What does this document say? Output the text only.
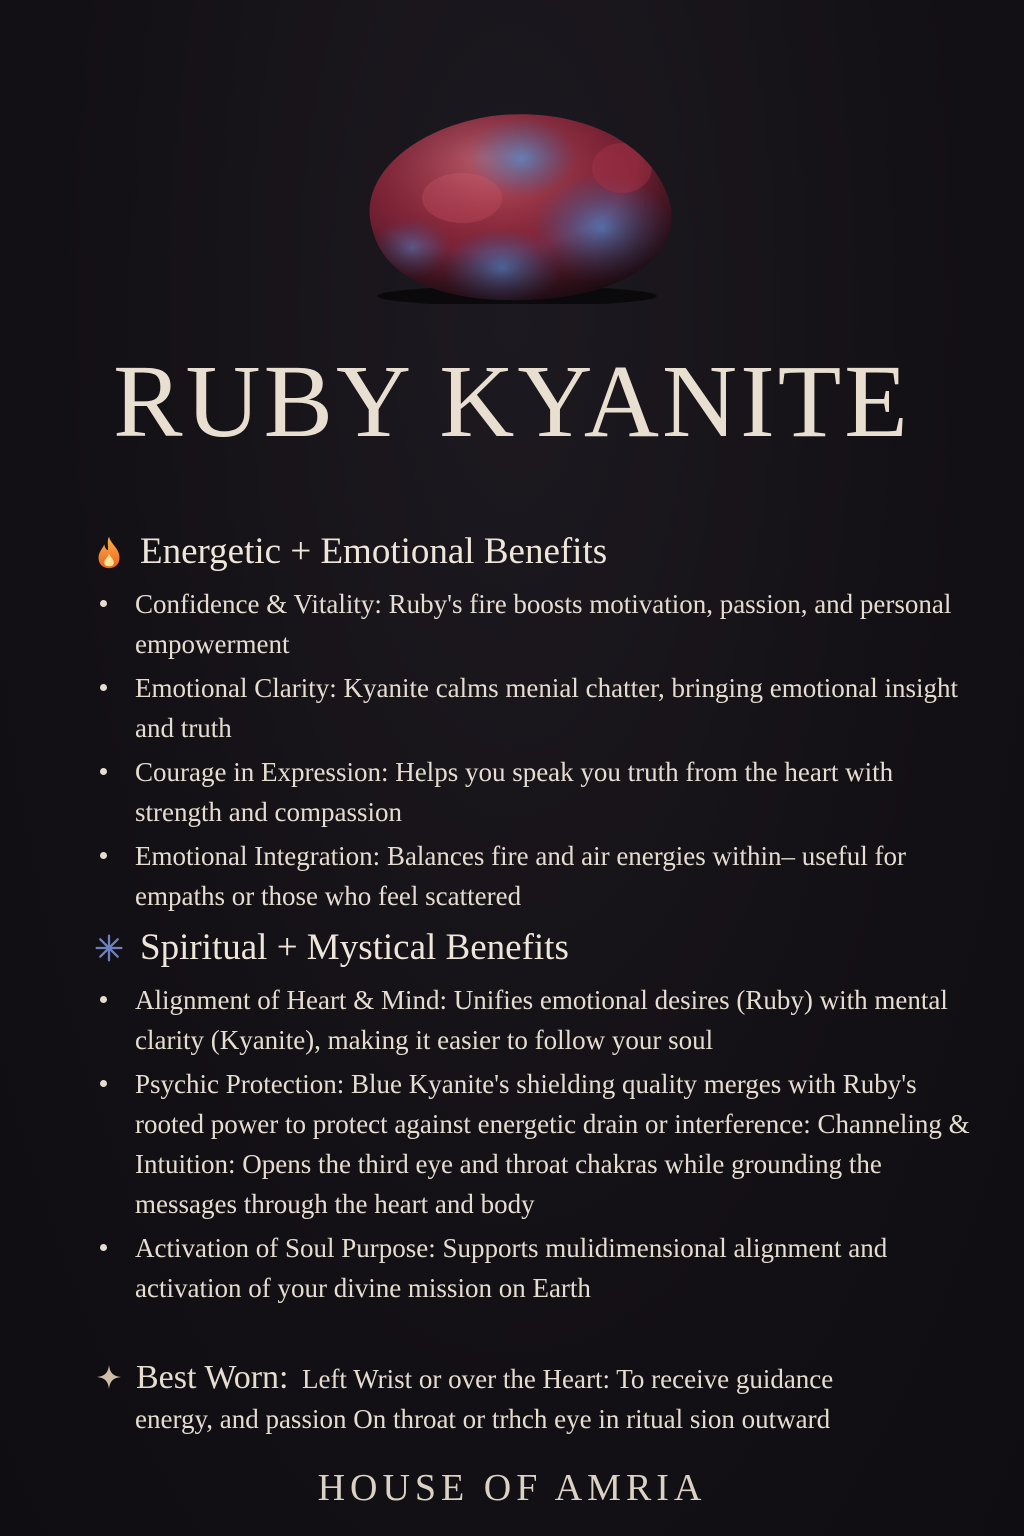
RUBY KYANITE
Energetic + Emotional Benefits
Confidence & Vitality: Ruby's fire boosts motivation, passion, and personal empowerment
Emotional Clarity: Kyanite calms menial chatter, bringing emotional insight and truth
Courage in Expression: Helps you speak you truth from the heart with strength and compassion
Emotional Integration: Balances fire and air energies within– useful for empaths or those who feel scattered
Spiritual + Mystical Benefits
Alignment of Heart & Mind: Unifies emotional desires (Ruby) with mental clarity (Kyanite), making it easier to follow your soul
Psychic Protection: Blue Kyanite's shielding quality merges with Ruby's rooted power to protect against energetic drain or interference: Channeling & Intuition: Opens the third eye and throat chakras while grounding the messages through the heart and body
Activation of Soul Purpose: Supports mulidimensional alignment and activation of your divine mission on Earth
Best Worn: Left Wrist or over the Heart: To receive guidance
energy, and passion On throat or trhch eye in ritual sion outward
HOUSE OF AMRIA
